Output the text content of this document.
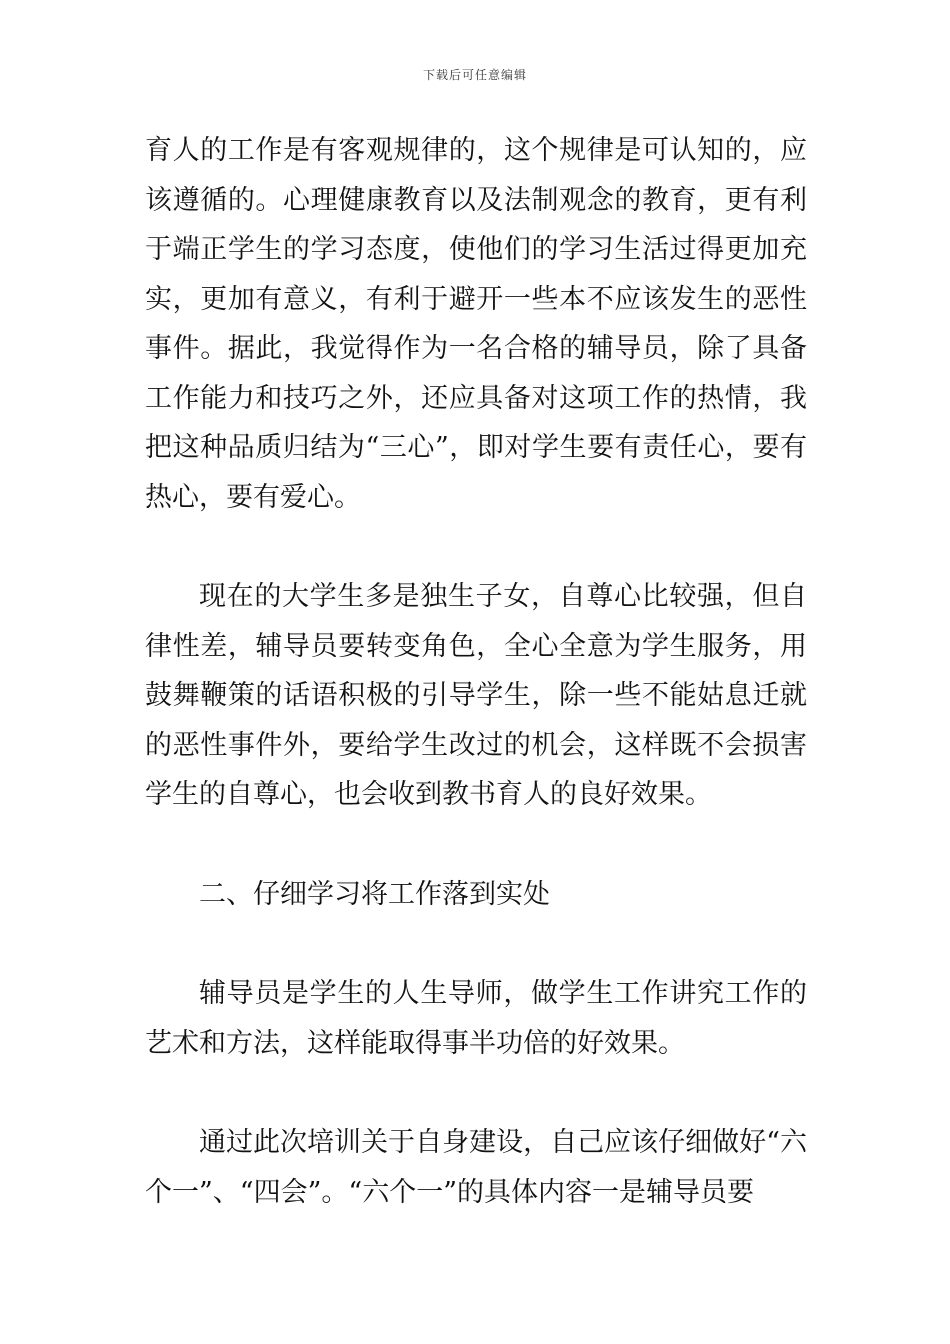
下载后可任意编辑

育人的工作是有客观规律的，这个规律是可认知的，应该遵循的。心理健康教育以及法制观念的教育，更有利于端正学生的学习态度，使他们的学习生活过得更加充实，更加有意义，有利于避开一些本不应该发生的恶性事件。据此，我觉得作为一名合格的辅导员，除了具备工作能力和技巧之外，还应具备对这项工作的热情，我把这种品质归结为“三心”，即对学生要有责任心，要有热心，要有爱心。

现在的大学生多是独生子女，自尊心比较强，但自律性差，辅导员要转变角色，全心全意为学生服务，用鼓舞鞭策的话语积极的引导学生，除一些不能姑息迁就的恶性事件外，要给学生改过的机会，这样既不会损害学生的自尊心，也会收到教书育人的良好效果。

二、仔细学习将工作落到实处

辅导员是学生的人生导师，做学生工作讲究工作的艺术和方法，这样能取得事半功倍的好效果。

通过此次培训关于自身建设，自己应该仔细做好“六个一”、“四会”。“六个一”的具体内容一是辅导员要
